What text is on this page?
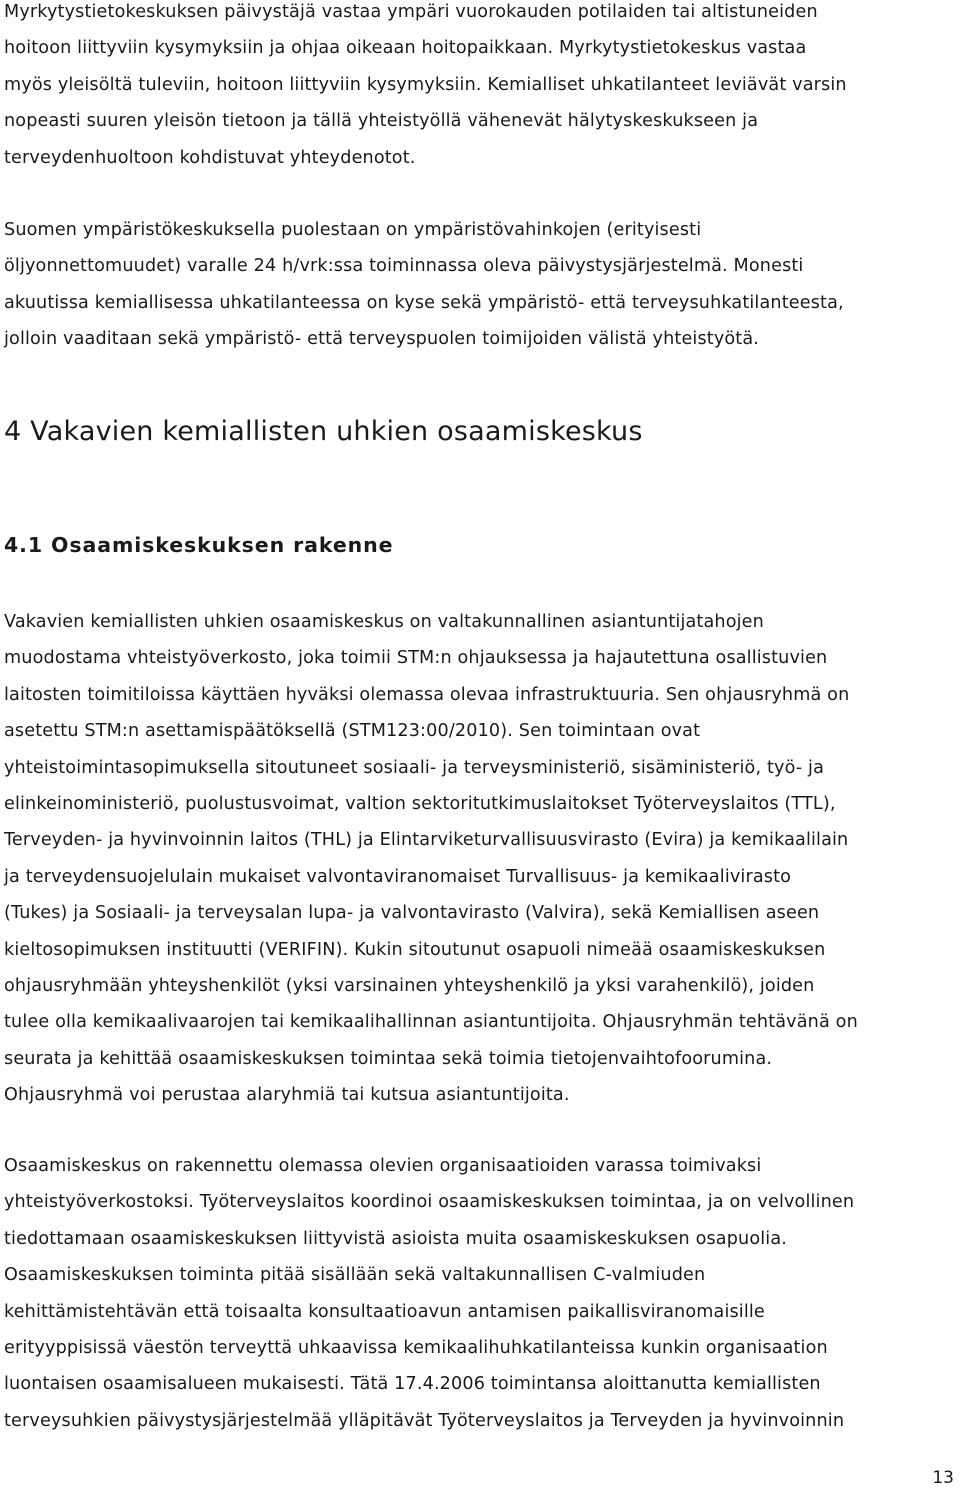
Myrkytystietokeskuksen päivystäjä vastaa ympäri vuorokauden potilaiden tai altistuneiden
hoitoon liittyviin kysymyksiin ja ohjaa oikeaan hoitopaikkaan. Myrkytystietokeskus vastaa
myös yleisöltä tuleviin, hoitoon liittyviin kysymyksiin. Kemialliset uhkatilanteet leviävät varsin
nopeasti suuren yleisön tietoon ja tällä yhteistyöllä vähenevät hälytyskeskukseen ja
terveydenhuoltoon kohdistuvat yhteydenotot.
Suomen ympäristökeskuksella puolestaan on ympäristövahinkojen (erityisesti
öljyonnettomuudet) varalle 24 h/vrk:ssa toiminnassa oleva päivystysjärjestelmä. Monesti
akuutissa kemiallisessa uhkatilanteessa on kyse sekä ympäristö- että terveysuhkatilanteesta,
jolloin vaaditaan sekä ympäristö- että terveyspuolen toimijoiden välistä yhteistyötä.
4 Vakavien kemiallisten uhkien osaamiskeskus
4.1 Osaamiskeskuksen rakenne
Vakavien kemiallisten uhkien osaamiskeskus on valtakunnallinen asiantuntijatahojen
muodostama vhteistyöverkosto, joka toimii STM:n ohjauksessa ja hajautettuna osallistuvien
laitosten toimitiloissa käyttäen hyväksi olemassa olevaa infrastruktuuria. Sen ohjausryhmä on
asetettu STM:n asettamispäätöksellä (STM123:00/2010). Sen toimintaan ovat
yhteistoimintasopimuksella sitoutuneet sosiaali- ja terveysministeriö, sisäministeriö, työ- ja
elinkeinoministeriö, puolustusvoimat, valtion sektoritutkimuslaitokset Työterveyslaitos (TTL),
Terveyden- ja hyvinvoinnin laitos (THL) ja Elintarviketurvallisuusvirasto (Evira) ja kemikaalilain
ja terveydensuojelulain mukaiset valvontaviranomaiset Turvallisuus- ja kemikaalivirasto
(Tukes) ja Sosiaali- ja terveysalan lupa- ja valvontavirasto (Valvira), sekä Kemiallisen aseen
kieltosopimuksen instituutti (VERIFIN). Kukin sitoutunut osapuoli nimeää osaamiskeskuksen
ohjausryhmään yhteyshenkilöt (yksi varsinainen yhteyshenkilö ja yksi varahenkilö), joiden
tulee olla kemikaalivaarojen tai kemikaalihallinnan asiantuntijoita. Ohjausryhmän tehtävänä on
seurata ja kehittää osaamiskeskuksen toimintaa sekä toimia tietojenvaihtofoorumina.
Ohjausryhmä voi perustaa alaryhmiä tai kutsua asiantuntijoita.
Osaamiskeskus on rakennettu olemassa olevien organisaatioiden varassa toimivaksi
yhteistyöverkostoksi. Työterveyslaitos koordinoi osaamiskeskuksen toimintaa, ja on velvollinen
tiedottamaan osaamiskeskuksen liittyvistä asioista muita osaamiskeskuksen osapuolia.
Osaamiskeskuksen toiminta pitää sisällään sekä valtakunnallisen C-valmiuden
kehittämistehtävän että toisaalta konsultaatioavun antamisen paikallisviranomaisille
erityyppisissä väestön terveyttä uhkaavissa kemikaalihuhkatilanteissa kunkin organisaation
luontaisen osaamisalueen mukaisesti. Tätä 17.4.2006 toimintansa aloittanutta kemiallisten
terveysuhkien päivystysjärjestelmää ylläpitävät Työterveyslaitos ja Terveyden ja hyvinvoinnin
13
